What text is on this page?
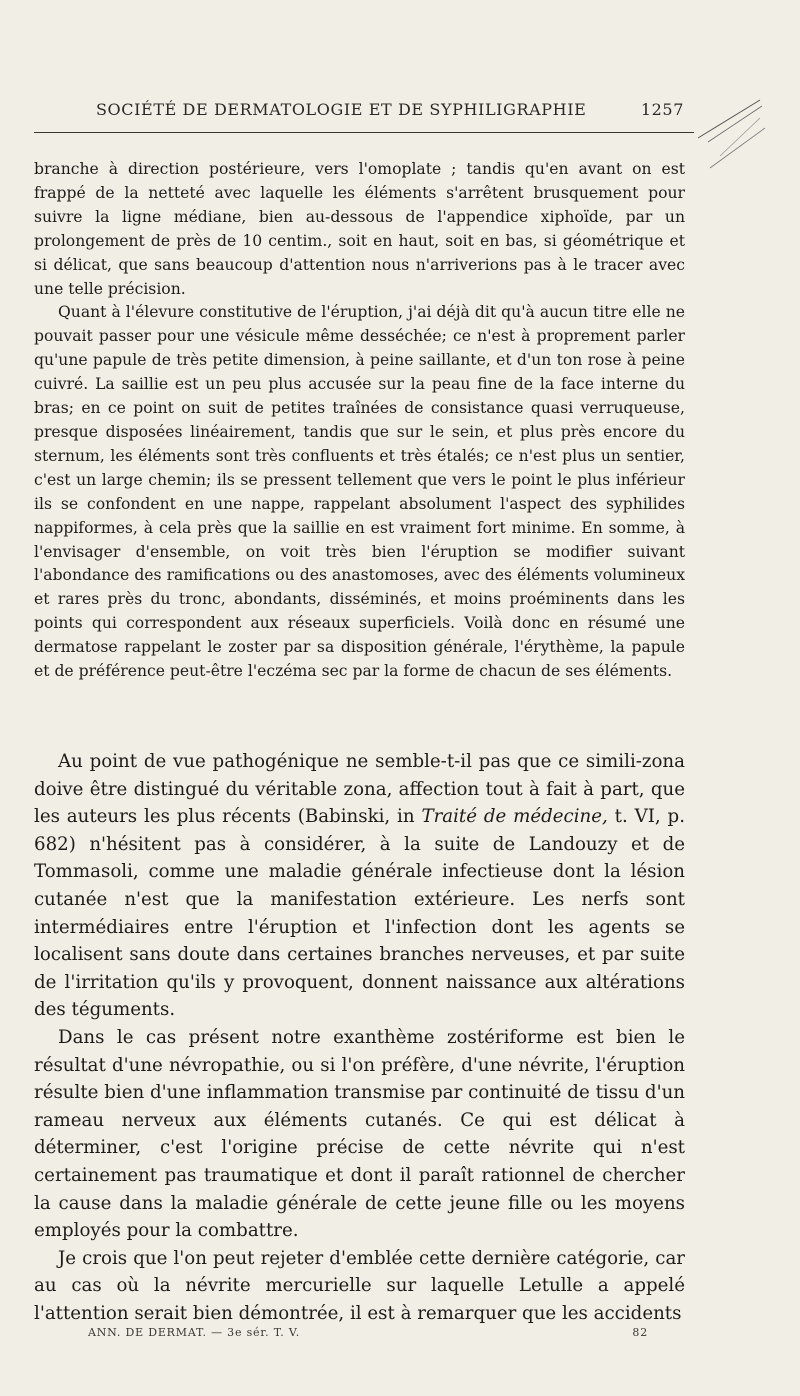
SOCIÉTÉ DE DERMATOLOGIE ET DE SYPHILIGRAPHIE	1257

branche à direction postérieure, vers l'omoplate ; tandis qu'en avant on est frappé de la netteté avec laquelle les éléments s'arrêtent brusquement pour suivre la ligne médiane, bien au-dessous de l'appendice xiphoïde, par un prolongement de près de 10 centim., soit en haut, soit en bas, si géométrique et si délicat, que sans beaucoup d'attention nous n'arriverions pas à le tracer avec une telle précision.

Quant à l'élevure constitutive de l'éruption, j'ai déjà dit qu'à aucun titre elle ne pouvait passer pour une vésicule même desséchée; ce n'est à proprement parler qu'une papule de très petite dimension, à peine saillante, et d'un ton rose à peine cuivré. La saillie est un peu plus accusée sur la peau fine de la face interne du bras; en ce point on suit de petites traînées de consistance quasi verruqueuse, presque disposées linéairement, tandis que sur le sein, et plus près encore du sternum, les éléments sont très confluents et très étalés; ce n'est plus un sentier, c'est un large chemin; ils se pressent tellement que vers le point le plus inférieur ils se confondent en une nappe, rappelant absolument l'aspect des syphilides nappiformes, à cela près que la saillie en est vraiment fort minime. En somme, à l'envisager d'ensemble, on voit très bien l'éruption se modifier suivant l'abondance des ramifications ou des anastomoses, avec des éléments volumineux et rares près du tronc, abondants, disséminés, et moins proéminents dans les points qui correspondent aux réseaux superficiels. Voilà donc en résumé une dermatose rappelant le zoster par sa disposition générale, l'érythème, la papule et de préférence peut-être l'eczéma sec par la forme de chacun de ses éléments.

Au point de vue pathogénique ne semble-t-il pas que ce simili-zona doive être distingué du véritable zona, affection tout à fait à part, que les auteurs les plus récents (Babinski, in Traité de médecine, t. VI, p. 682) n'hésitent pas à considérer, à la suite de Landouzy et de Tommasoli, comme une maladie générale infectieuse dont la lésion cutanée n'est que la manifestation extérieure. Les nerfs sont intermédiaires entre l'éruption et l'infection dont les agents se localisent sans doute dans certaines branches nerveuses, et par suite de l'irritation qu'ils y provoquent, donnent naissance aux altérations des téguments.

Dans le cas présent notre exanthème zostériforme est bien le résultat d'une névropathie, ou si l'on préfère, d'une névrite, l'éruption résulte bien d'une inflammation transmise par continuité de tissu d'un rameau nerveux aux éléments cutanés. Ce qui est délicat à déterminer, c'est l'origine précise de cette névrite qui n'est certainement pas traumatique et dont il paraît rationnel de chercher la cause dans la maladie générale de cette jeune fille ou les moyens employés pour la combattre.

Je crois que l'on peut rejeter d'emblée cette dernière catégorie, car au cas où la névrite mercurielle sur laquelle Letulle a appelé l'attention serait bien démontrée, il est à remarquer que les accidents

ANN. DE DERMAT. — 3e sér. T. V.	82
